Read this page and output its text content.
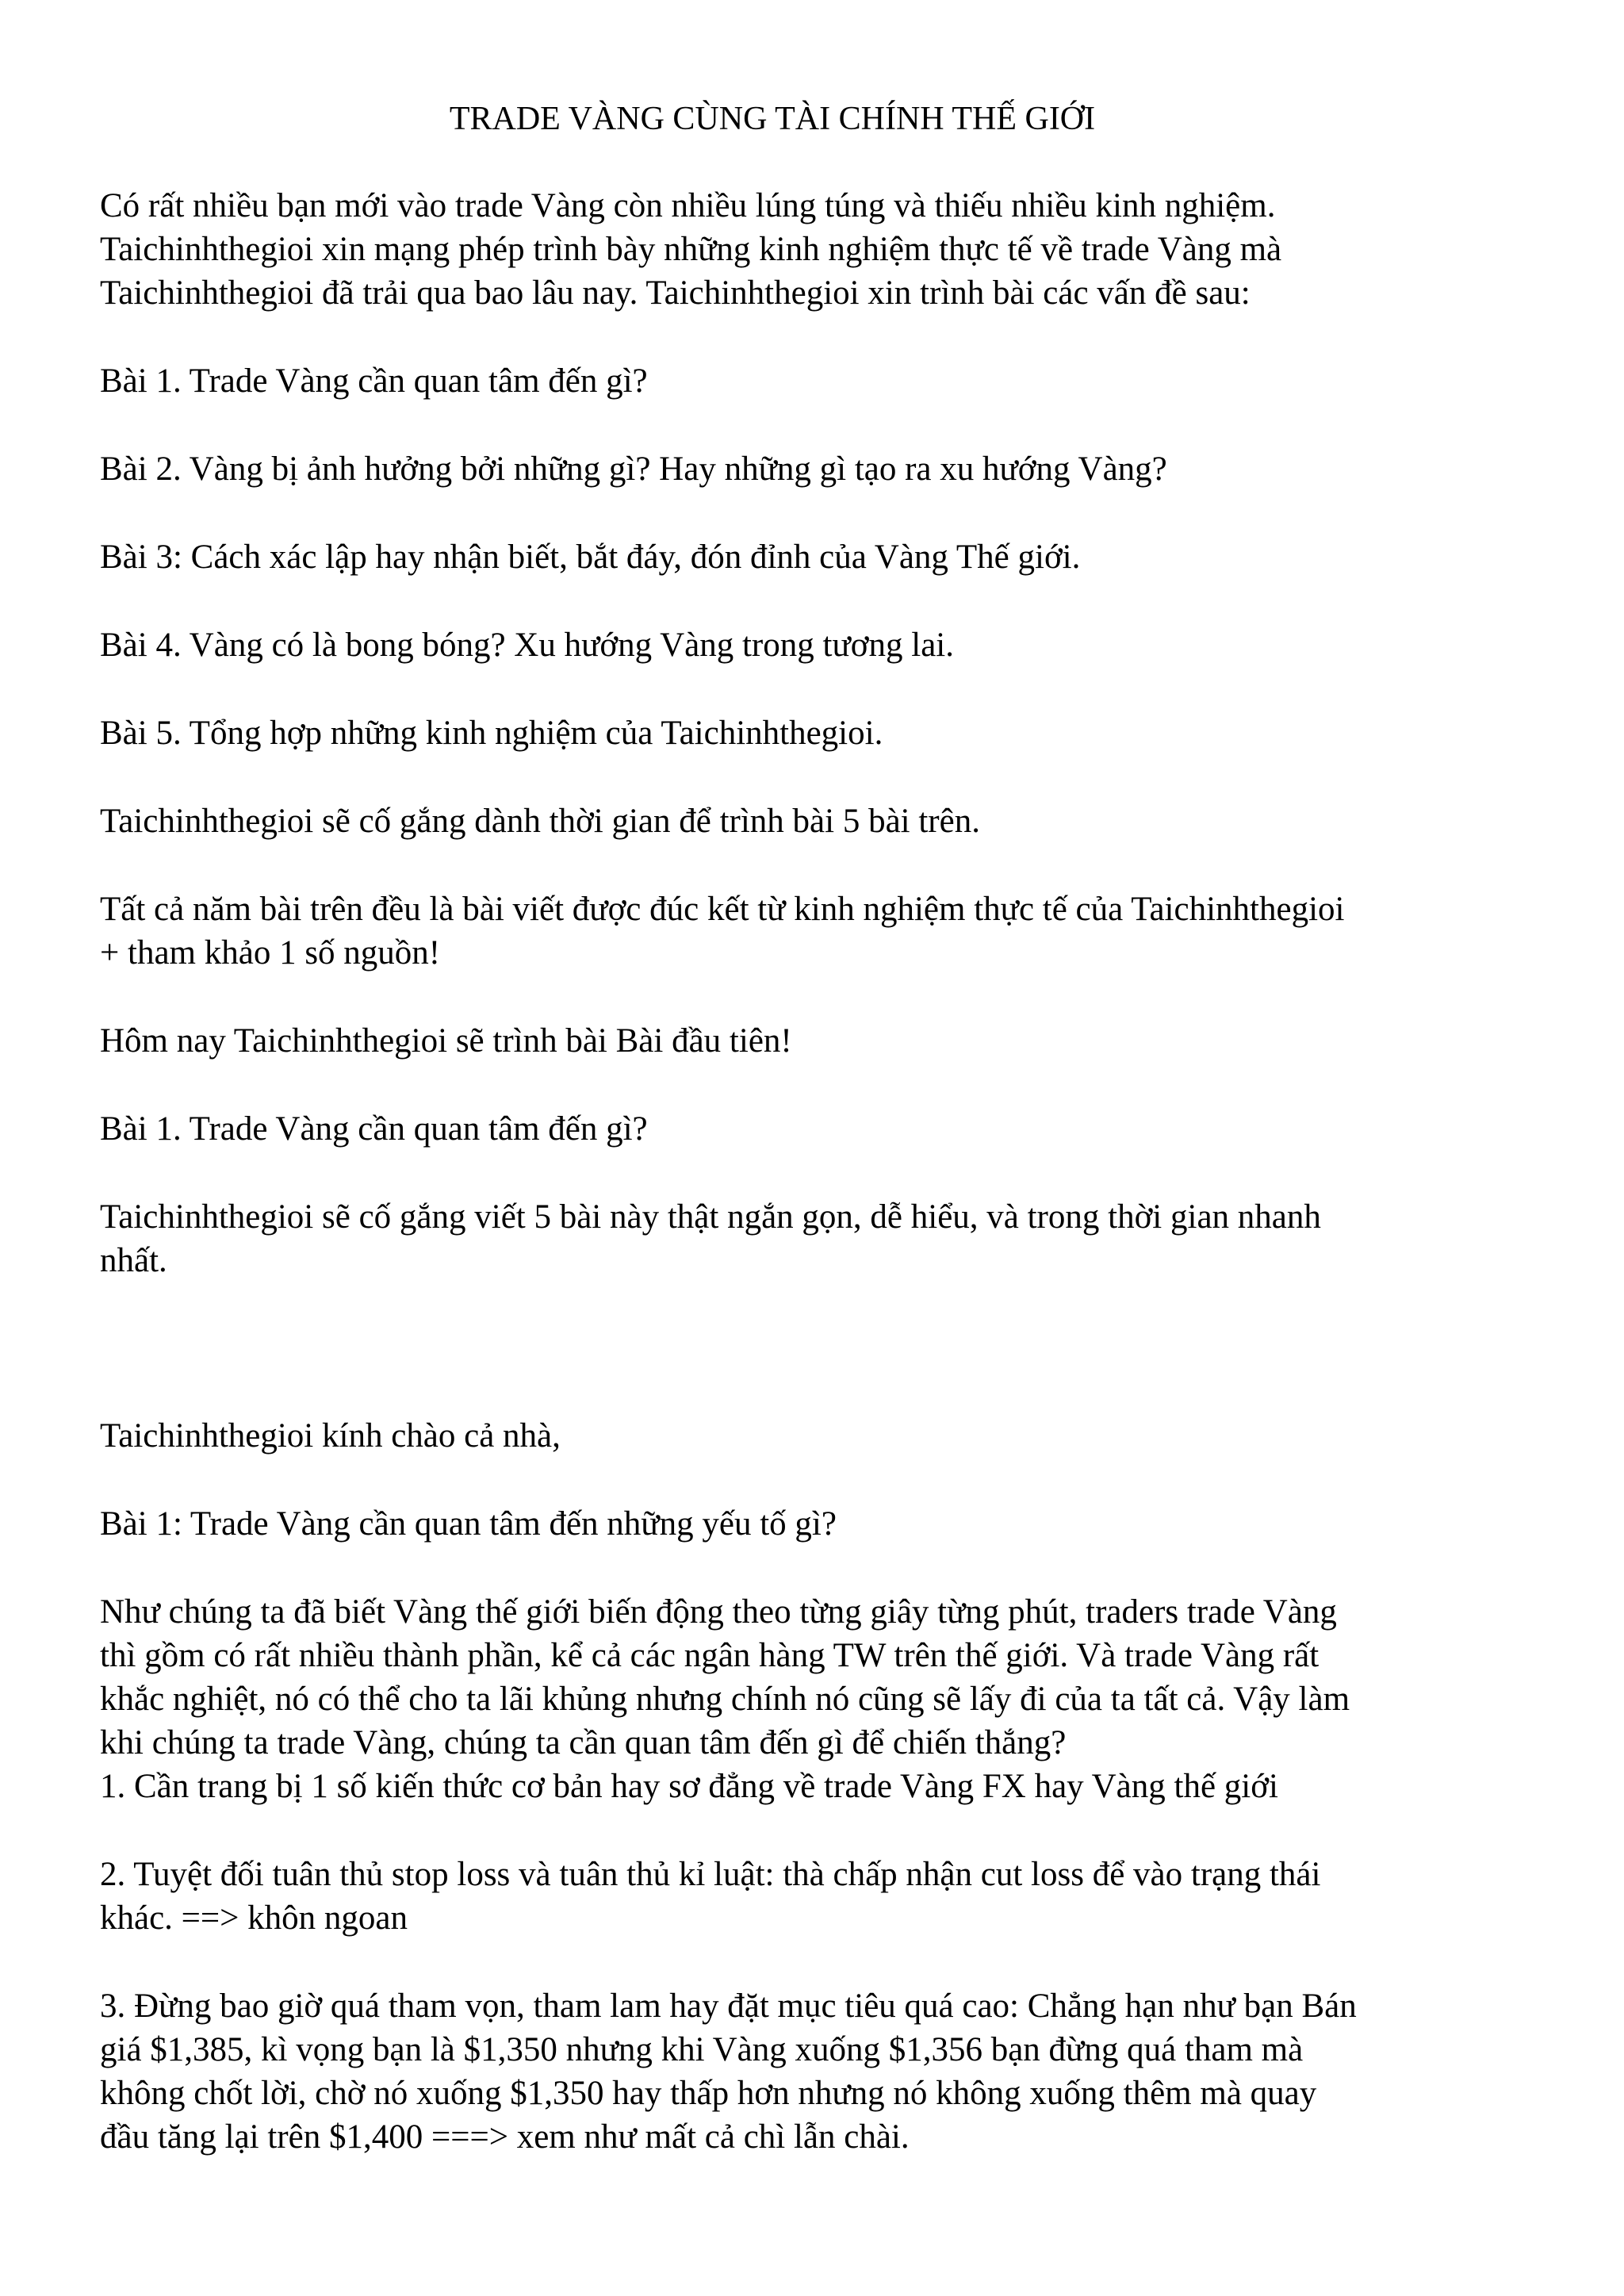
TRADE VÀNG CÙNG TÀI CHÍNH THẾ GIỚI

Có rất nhiều bạn mới vào trade Vàng còn nhiều lúng túng và thiếu nhiều kinh nghiệm.

Taichinhthegioi xin mạng phép trình bày những kinh nghiệm thực tế về trade Vàng mà

Taichinhthegioi đã trải qua bao lâu nay. Taichinhthegioi xin trình bài các vấn đề sau:

Bài 1. Trade Vàng cần quan tâm đến gì?

Bài 2. Vàng bị ảnh hưởng bởi những gì? Hay những gì tạo ra xu hướng Vàng?

Bài 3: Cách xác lập hay nhận biết, bắt đáy, đón đỉnh của Vàng Thế giới.

Bài 4. Vàng có là bong bóng? Xu hướng Vàng trong tương lai.

Bài 5. Tổng hợp những kinh nghiệm của Taichinhthegioi.

Taichinhthegioi sẽ cố gắng dành thời gian để trình bài 5 bài trên.

Tất cả năm bài trên đều là bài viết được đúc kết từ kinh nghiệm thực tế của Taichinhthegioi

+ tham khảo 1 số nguồn!

Hôm nay Taichinhthegioi sẽ trình bài Bài đầu tiên!

Bài 1. Trade Vàng cần quan tâm đến gì?

Taichinhthegioi sẽ cố gắng viết 5 bài này thật ngắn gọn, dễ hiểu, và trong thời gian nhanh

nhất.

Taichinhthegioi kính chào cả nhà,

Bài 1: Trade Vàng cần quan tâm đến những yếu tố gì?

Như chúng ta đã biết Vàng thế giới biến động theo từng giây từng phút, traders trade Vàng

thì gồm có rất nhiều thành phần, kể cả các ngân hàng TW trên thế giới. Và trade Vàng rất

khắc nghiệt, nó có thể cho ta lãi khủng nhưng chính nó cũng sẽ lấy đi của ta tất cả. Vậy làm

khi chúng ta trade Vàng, chúng ta cần quan tâm đến gì để chiến thắng?

1. Cần trang bị 1 số kiến thức cơ bản hay sơ đẳng về trade Vàng FX hay Vàng thế giới

2. Tuyệt đối tuân thủ stop loss và tuân thủ kỉ luật: thà chấp nhận cut loss để vào trạng thái

khác. ==> khôn ngoan

3. Đừng bao giờ quá tham vọn, tham lam hay đặt mục tiêu quá cao: Chẳng hạn như bạn Bán

giá $1,385, kì vọng bạn là $1,350 nhưng khi Vàng xuống $1,356 bạn đừng quá tham mà

không chốt lời, chờ nó xuống $1,350 hay thấp hơn nhưng nó không xuống thêm mà quay

đầu tăng lại trên $1,400 ===> xem như mất cả chì lẫn chài.
